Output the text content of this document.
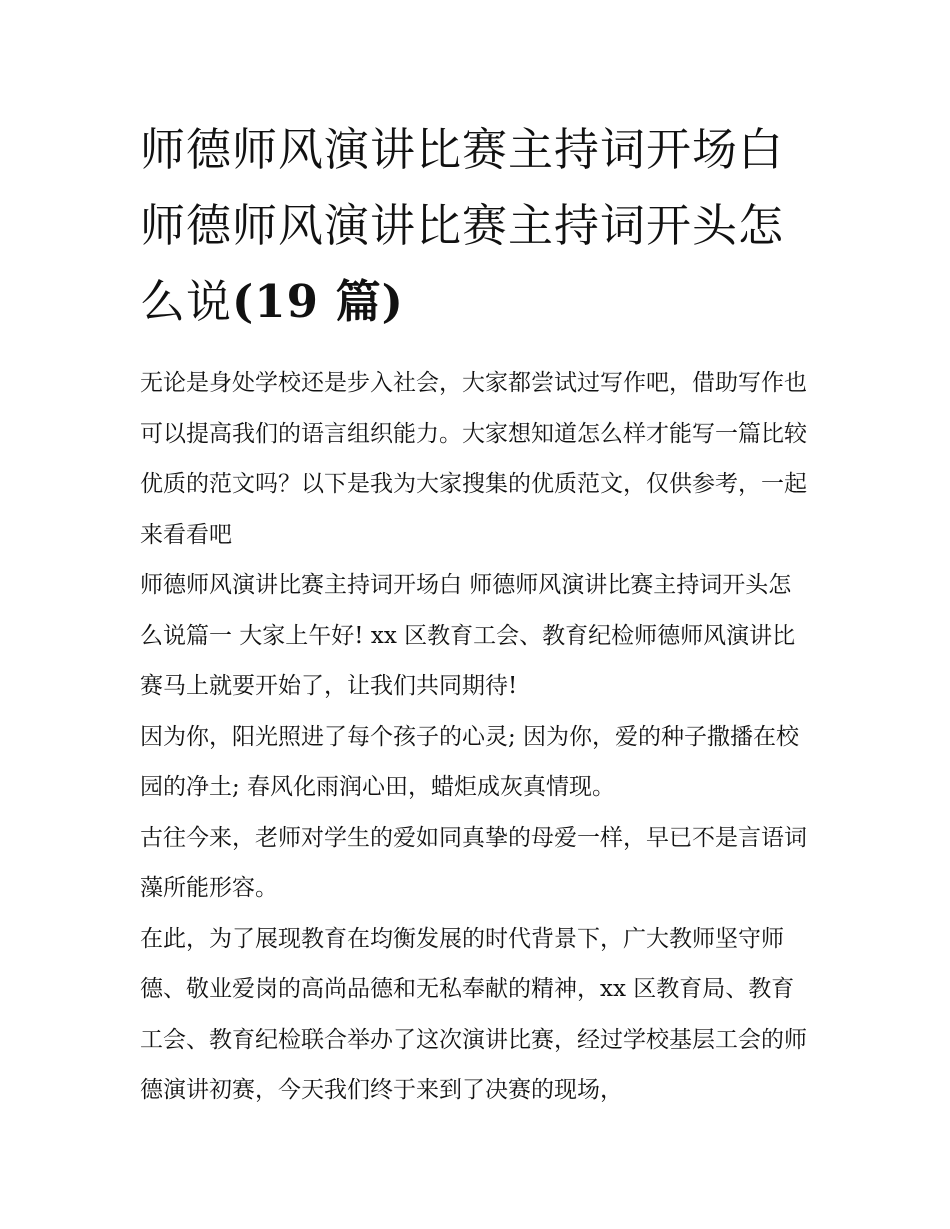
师德师风演讲比赛主持词开场白 师德师风演讲比赛主持词开头怎么说(19 篇)

无论是身处学校还是步入社会，大家都尝试过写作吧，借助写作也可以提高我们的语言组织能力。大家想知道怎么样才能写一篇比较优质的范文吗？以下是我为大家搜集的优质范文，仅供参考，一起来看看吧

师德师风演讲比赛主持词开场白 师德师风演讲比赛主持词开头怎么说篇一 大家上午好! xx 区教育工会、教育纪检师德师风演讲比赛马上就要开始了，让我们共同期待!

因为你，阳光照进了每个孩子的心灵; 因为你，爱的种子撒播在校园的净土; 春风化雨润心田，蜡炬成灰真情现。

古往今来，老师对学生的爱如同真挚的母爱一样，早已不是言语词藻所能形容。

在此，为了展现教育在均衡发展的时代背景下，广大教师坚守师德、敬业爱岗的高尚品德和无私奉献的精神，xx 区教育局、教育工会、教育纪检联合举办了这次演讲比赛，经过学校基层工会的师德演讲初赛，今天我们终于来到了决赛的现场，
